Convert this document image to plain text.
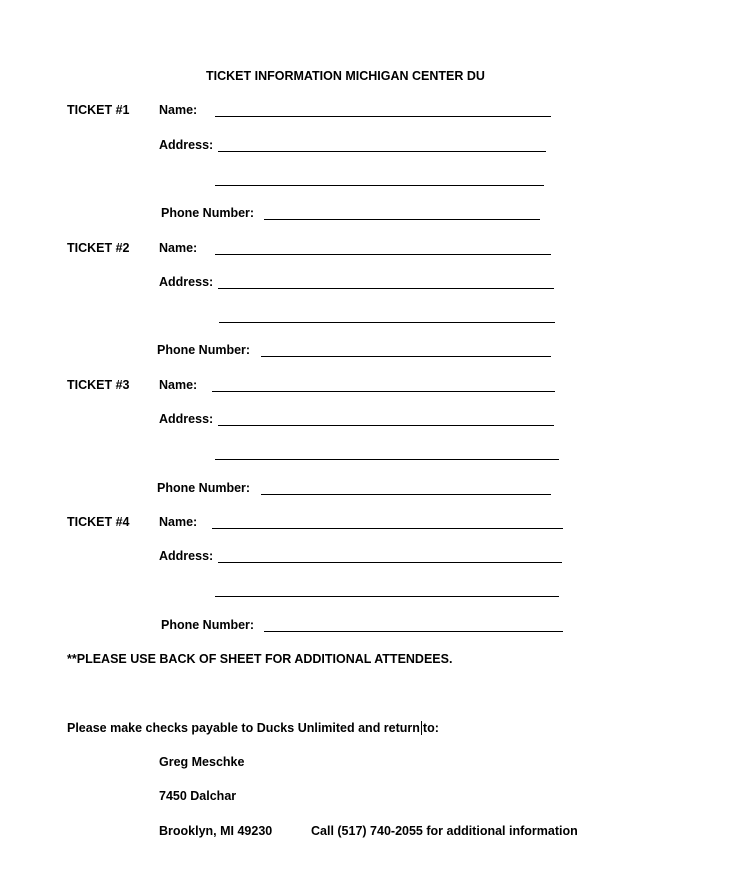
TICKET INFORMATION MICHIGAN CENTER DU
TICKET #1 Name:
Address:
Phone Number:
TICKET #2 Name:
Address:
Phone Number:
TICKET #3 Name:
Address:
Phone Number:
TICKET #4 Name:
Address:
Phone Number:
**PLEASE USE BACK OF SHEET FOR ADDITIONAL ATTENDEES.
Please make checks payable to Ducks Unlimited and return to:
Greg Meschke
7450 Dalchar
Brooklyn, MI 49230	Call (517) 740-2055 for additional information
